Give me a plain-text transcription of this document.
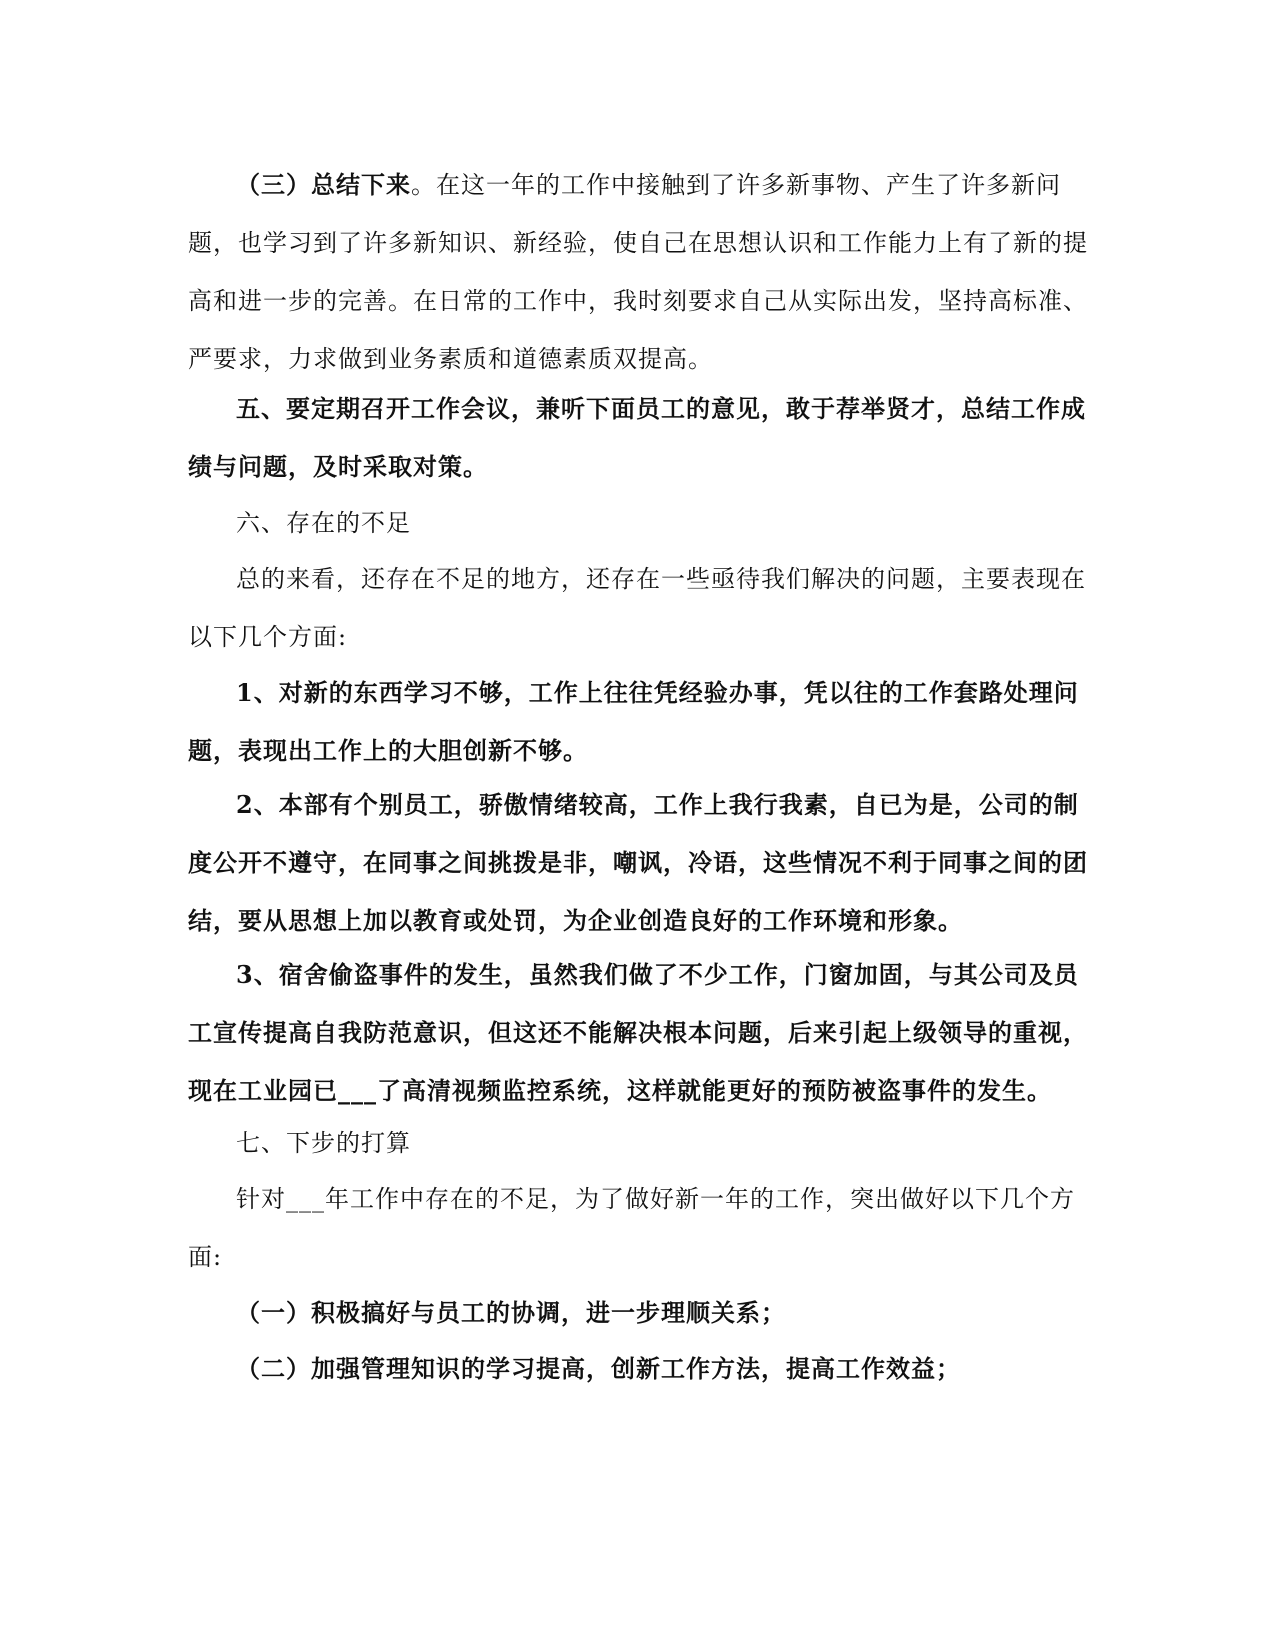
（三）总结下来。在这一年的工作中接触到了许多新事物、产生了许多新问题，也学习到了许多新知识、新经验，使自己在思想认识和工作能力上有了新的提高和进一步的完善。在日常的工作中，我时刻要求自己从实际出发，坚持高标准、严要求，力求做到业务素质和道德素质双提高。

五、要定期召开工作会议，兼听下面员工的意见，敢于荐举贤才，总结工作成绩与问题，及时采取对策。

六、存在的不足

总的来看，还存在不足的地方，还存在一些亟待我们解决的问题，主要表现在以下几个方面:

1、对新的东西学习不够，工作上往往凭经验办事，凭以往的工作套路处理问题，表现出工作上的大胆创新不够。

2、本部有个别员工，骄傲情绪较高，工作上我行我素，自已为是，公司的制度公开不遵守，在同事之间挑拨是非，嘲讽，冷语，这些情况不利于同事之间的团结，要从思想上加以教育或处罚，为企业创造良好的工作环境和形象。

3、宿舍偷盗事件的发生，虽然我们做了不少工作，门窗加固，与其公司及员工宣传提高自我防范意识，但这还不能解决根本问题，后来引起上级领导的重视，现在工业园已___了高清视频监控系统，这样就能更好的预防被盗事件的发生。

七、下步的打算

针对___年工作中存在的不足，为了做好新一年的工作，突出做好以下几个方面:

（一）积极搞好与员工的协调，进一步理顺关系；

（二）加强管理知识的学习提高，创新工作方法，提高工作效益；
